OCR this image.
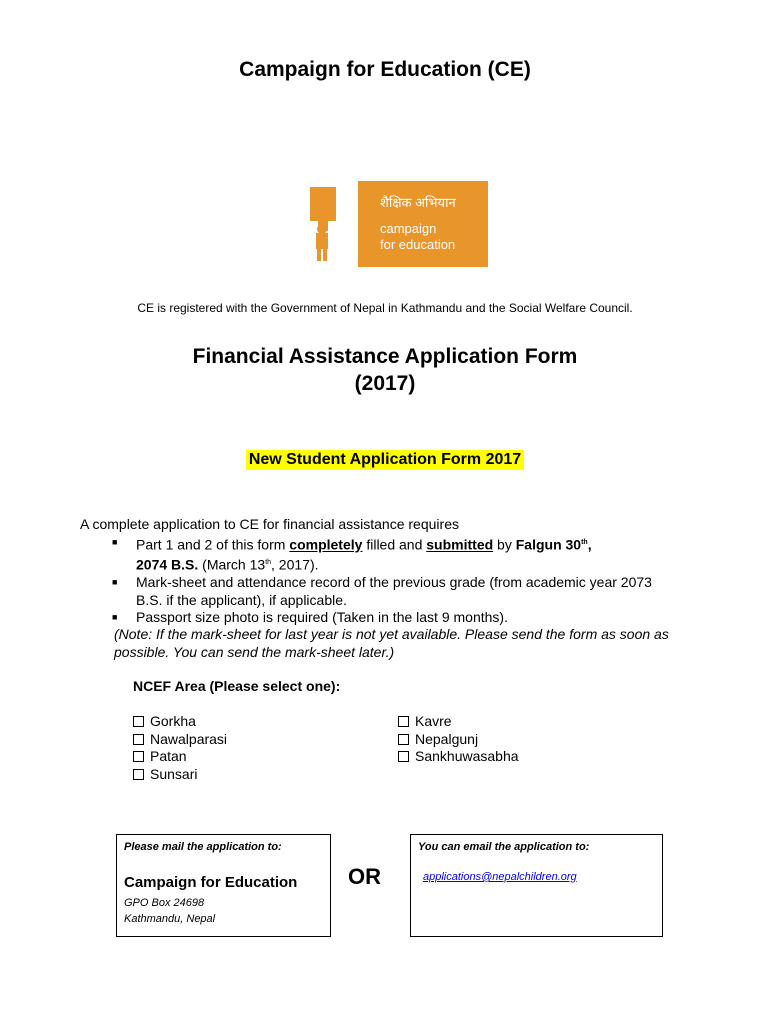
Campaign for Education (CE)
शैक्षिक अभियान
campaign
for education
CE is registered with the Government of Nepal in Kathmandu and the Social Welfare Council.
Financial Assistance Application Form
(2017)
New Student Application Form 2017
A complete application to CE for financial assistance requires
■ Part 1 and 2 of this form completely filled and submitted by Falgun 30th,
2074 B.S. (March 13th, 2017).
■ Mark-sheet and attendance record of the previous grade (from academic year 2073 B.S. if the applicant), if applicable.
■ Passport size photo is required (Taken in the last 9 months).
(Note: If the mark-sheet for last year is not yet available. Please send the form as soon as possible. You can send the mark-sheet later.)
NCEF Area (Please select one):
Gorkha
Nawalparasi
Patan
Sunsari
Kavre
Nepalgunj
Sankhuwasabha
Please mail the application to:
Campaign for Education
GPO Box 24698
Kathmandu, Nepal
OR
You can email the application to:
applications@nepalchildren.org
